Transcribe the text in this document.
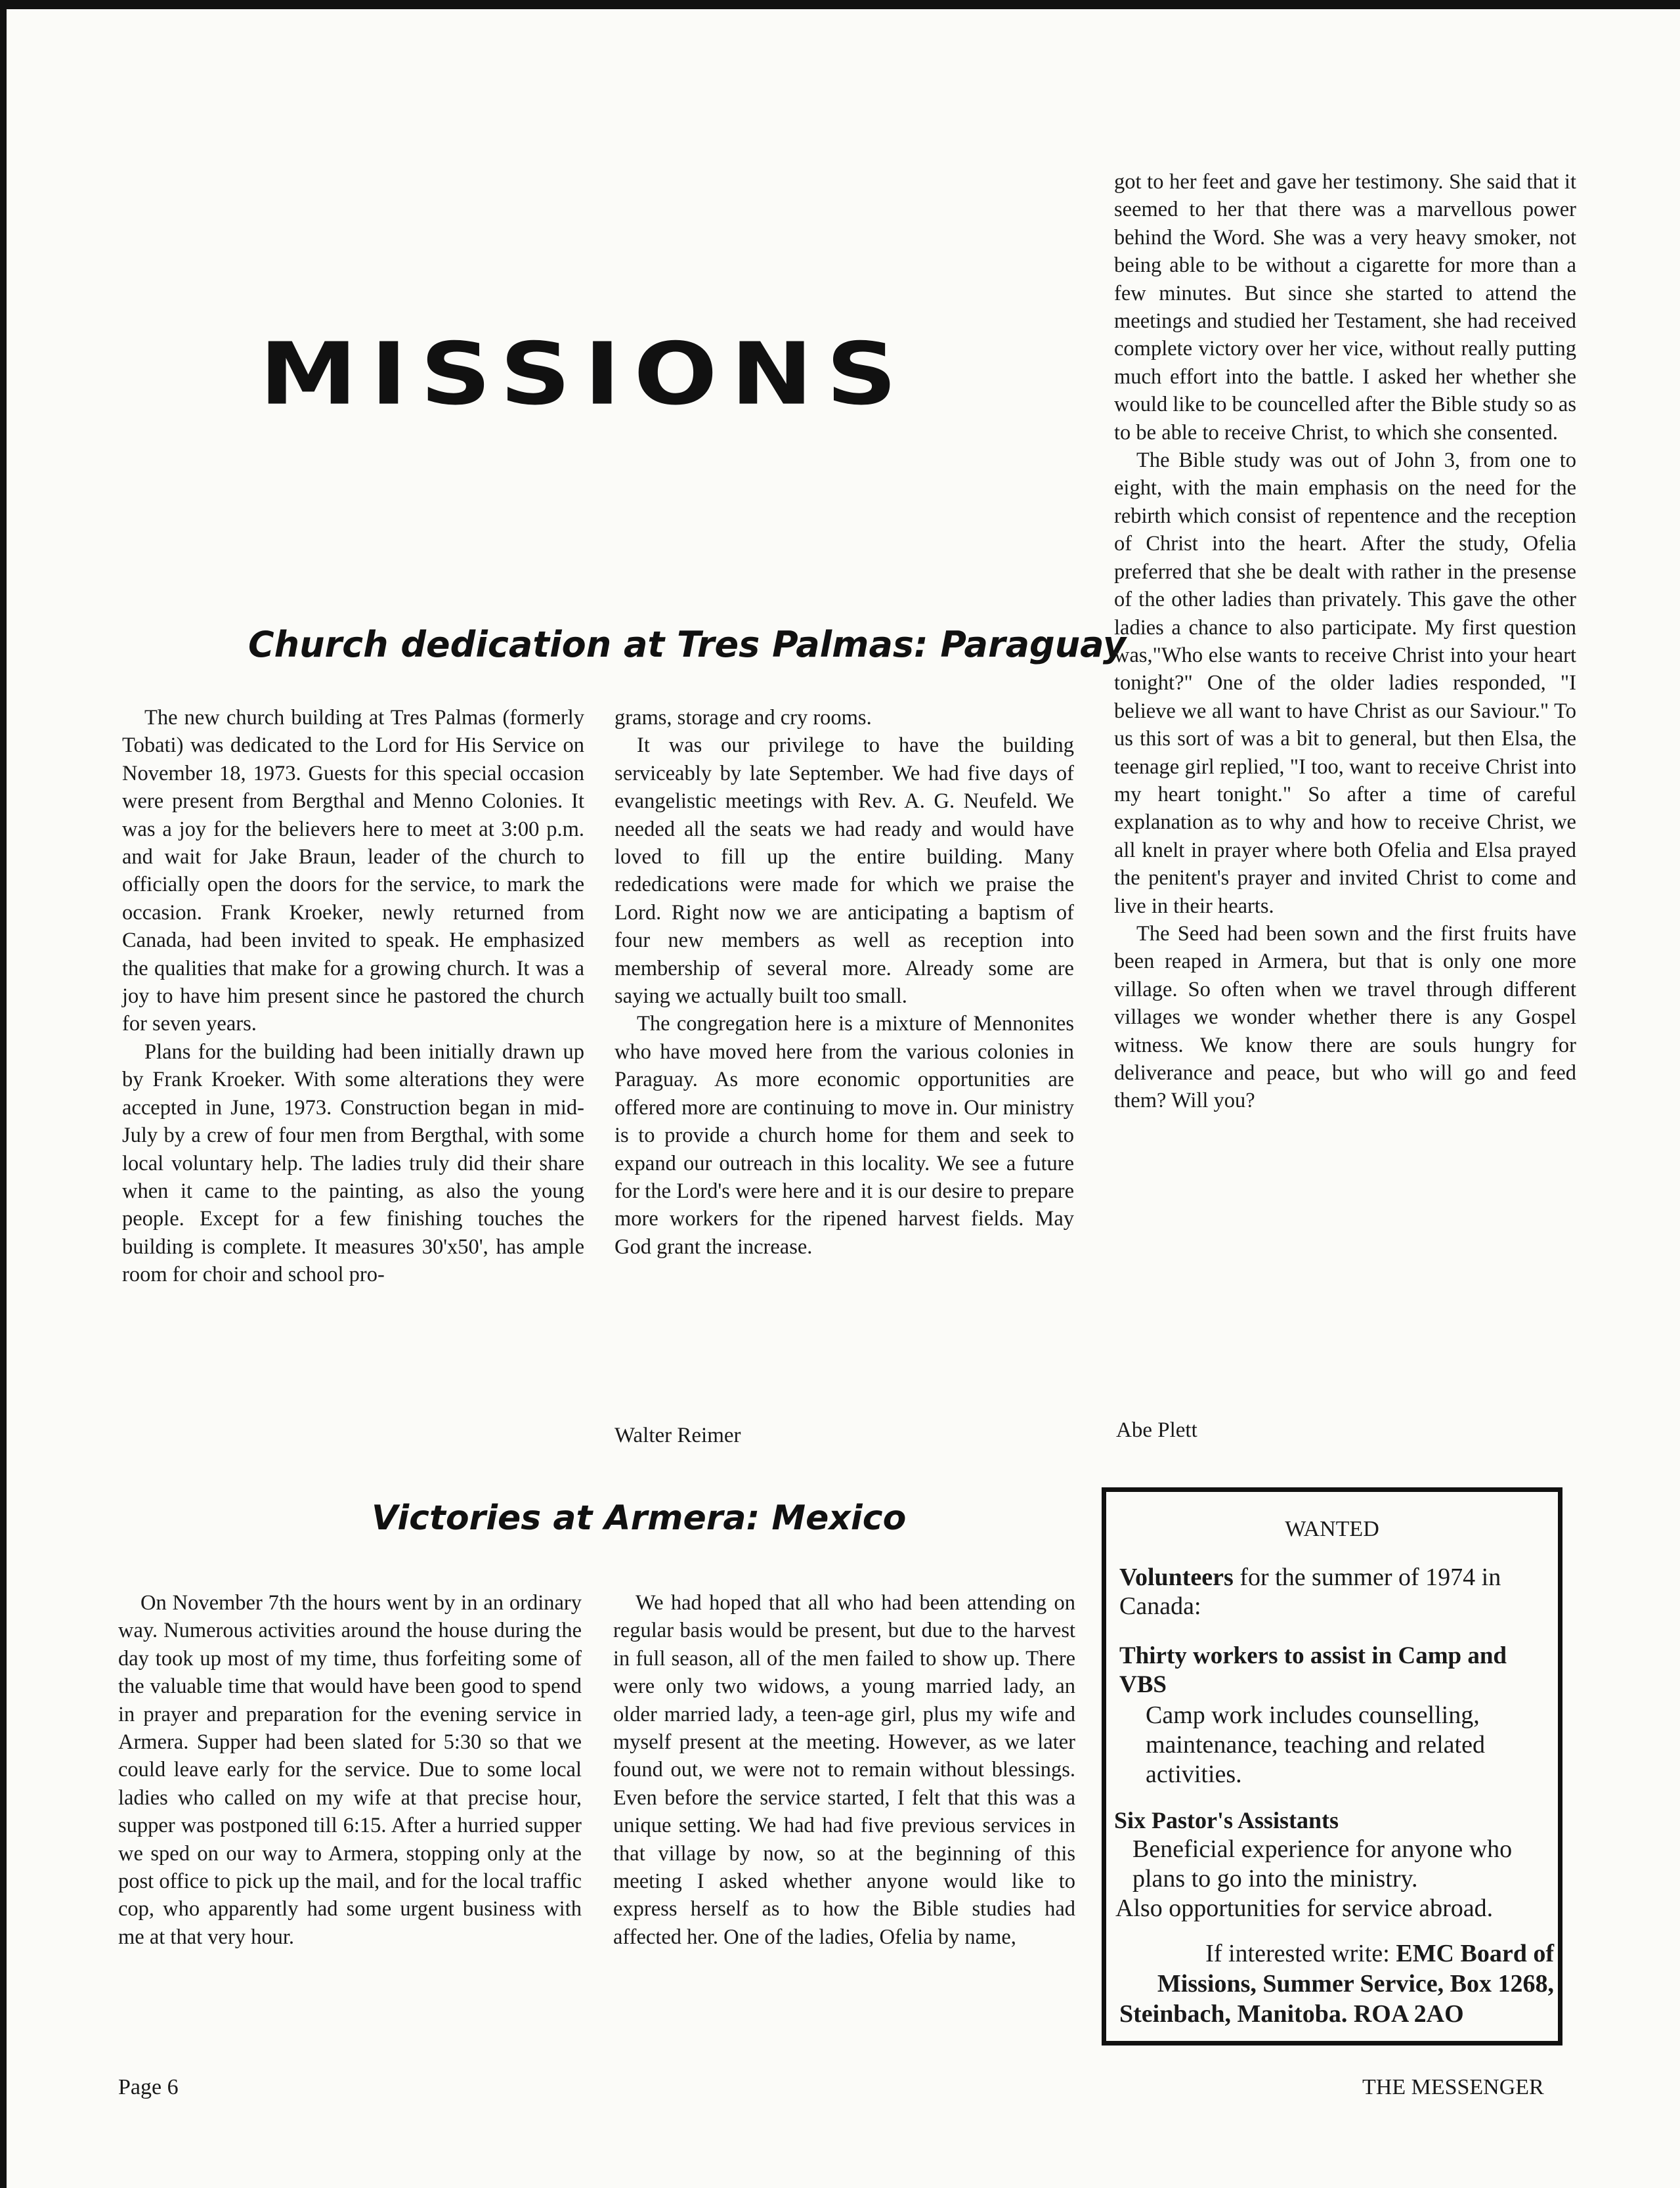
MISSIONS
Church dedication at Tres Palmas: Paraguay

The new church building at Tres Palmas (formerly Tobati) was dedicated to the Lord for His Service on November 18, 1973. Guests for this special occasion were present from Bergthal and Menno Colonies. It was a joy for the believers here to meet at 3:00 p.m. and wait for Jake Braun, leader of the church to officially open the doors for the service, to mark the occasion. Frank Kroeker, newly returned from Canada, had been invited to speak. He emphasized the qualities that make for a growing church. It was a joy to have him present since he pastored the church for seven years.

Plans for the building had been initially drawn up by Frank Kroeker. With some alterations they were accepted in June, 1973. Construction began in mid-July by a crew of four men from Bergthal, with some local voluntary help. The ladies truly did their share when it came to the painting, as also the young people. Except for a few finishing touches the building is complete. It measures 30'x50', has ample room for choir and school pro-

grams, storage and cry rooms.

It was our privilege to have the building serviceably by late September. We had five days of evangelistic meetings with Rev. A. G. Neufeld. We needed all the seats we had ready and would have loved to fill up the entire building. Many rededications were made for which we praise the Lord. Right now we are anticipating a baptism of four new members as well as reception into membership of several more. Already some are saying we actually built too small.

The congregation here is a mixture of Mennonites who have moved here from the various colonies in Paraguay. As more economic opportunities are offered more are continuing to move in. Our ministry is to provide a church home for them and seek to expand our outreach in this locality. We see a future for the Lord's were here and it is our desire to prepare more workers for the ripened harvest fields. May God grant the increase.

Walter Reimer

Victories at Armera: Mexico

On November 7th the hours went by in an ordinary way. Numerous activities around the house during the day took up most of my time, thus forfeiting some of the valuable time that would have been good to spend in prayer and preparation for the evening service in Armera. Supper had been slated for 5:30 so that we could leave early for the service. Due to some local ladies who called on my wife at that precise hour, supper was postponed till 6:15. After a hurried supper we sped on our way to Armera, stopping only at the post office to pick up the mail, and for the local traffic cop, who apparently had some urgent business with me at that very hour.

We had hoped that all who had been attending on regular basis would be present, but due to the harvest in full season, all of the men failed to show up. There were only two widows, a young married lady, an older married lady, a teen-age girl, plus my wife and myself present at the meeting. However, as we later found out, we were not to remain without blessings. Even before the service started, I felt that this was a unique setting. We had had five previous services in that village by now, so at the beginning of this meeting I asked whether anyone would like to express herself as to how the Bible studies had affected her. One of the ladies, Ofelia by name,

got to her feet and gave her testimony. She said that it seemed to her that there was a marvellous power behind the Word. She was a very heavy smoker, not being able to be without a cigarette for more than a few minutes. But since she started to attend the meetings and studied her Testament, she had received complete victory over her vice, without really putting much effort into the battle. I asked her whether she would like to be councelled after the Bible study so as to be able to receive Christ, to which she consented.

The Bible study was out of John 3, from one to eight, with the main emphasis on the need for the rebirth which consist of repentence and the reception of Christ into the heart. After the study, Ofelia preferred that she be dealt with rather in the presense of the other ladies than privately. This gave the other ladies a chance to also participate. My first question was,"Who else wants to receive Christ into your heart tonight?" One of the older ladies responded, "I believe we all want to have Christ as our Saviour." To us this sort of was a bit to general, but then Elsa, the teenage girl replied, "I too, want to receive Christ into my heart tonight." So after a time of careful explanation as to why and how to receive Christ, we all knelt in prayer where both Ofelia and Elsa prayed the penitent's prayer and invited Christ to come and live in their hearts.

The Seed had been sown and the first fruits have been reaped in Armera, but that is only one more village. So often when we travel through different villages we wonder whether there is any Gospel witness. We know there are souls hungry for deliverance and peace, but who will go and feed them? Will you?

Abe Plett

WANTED

Volunteers for the summer of 1974 in Canada:

Thirty workers to assist in Camp and VBS

Camp work includes counselling, maintenance, teaching and related activities.

Six Pastor's Assistants

Beneficial experience for anyone who plans to go into the ministry.

Also opportunities for service abroad.

If interested write: EMC Board of
Missions, Summer Service, Box 1268,

Steinbach, Manitoba. ROA 2AO

Page 6	THE MESSENGER
